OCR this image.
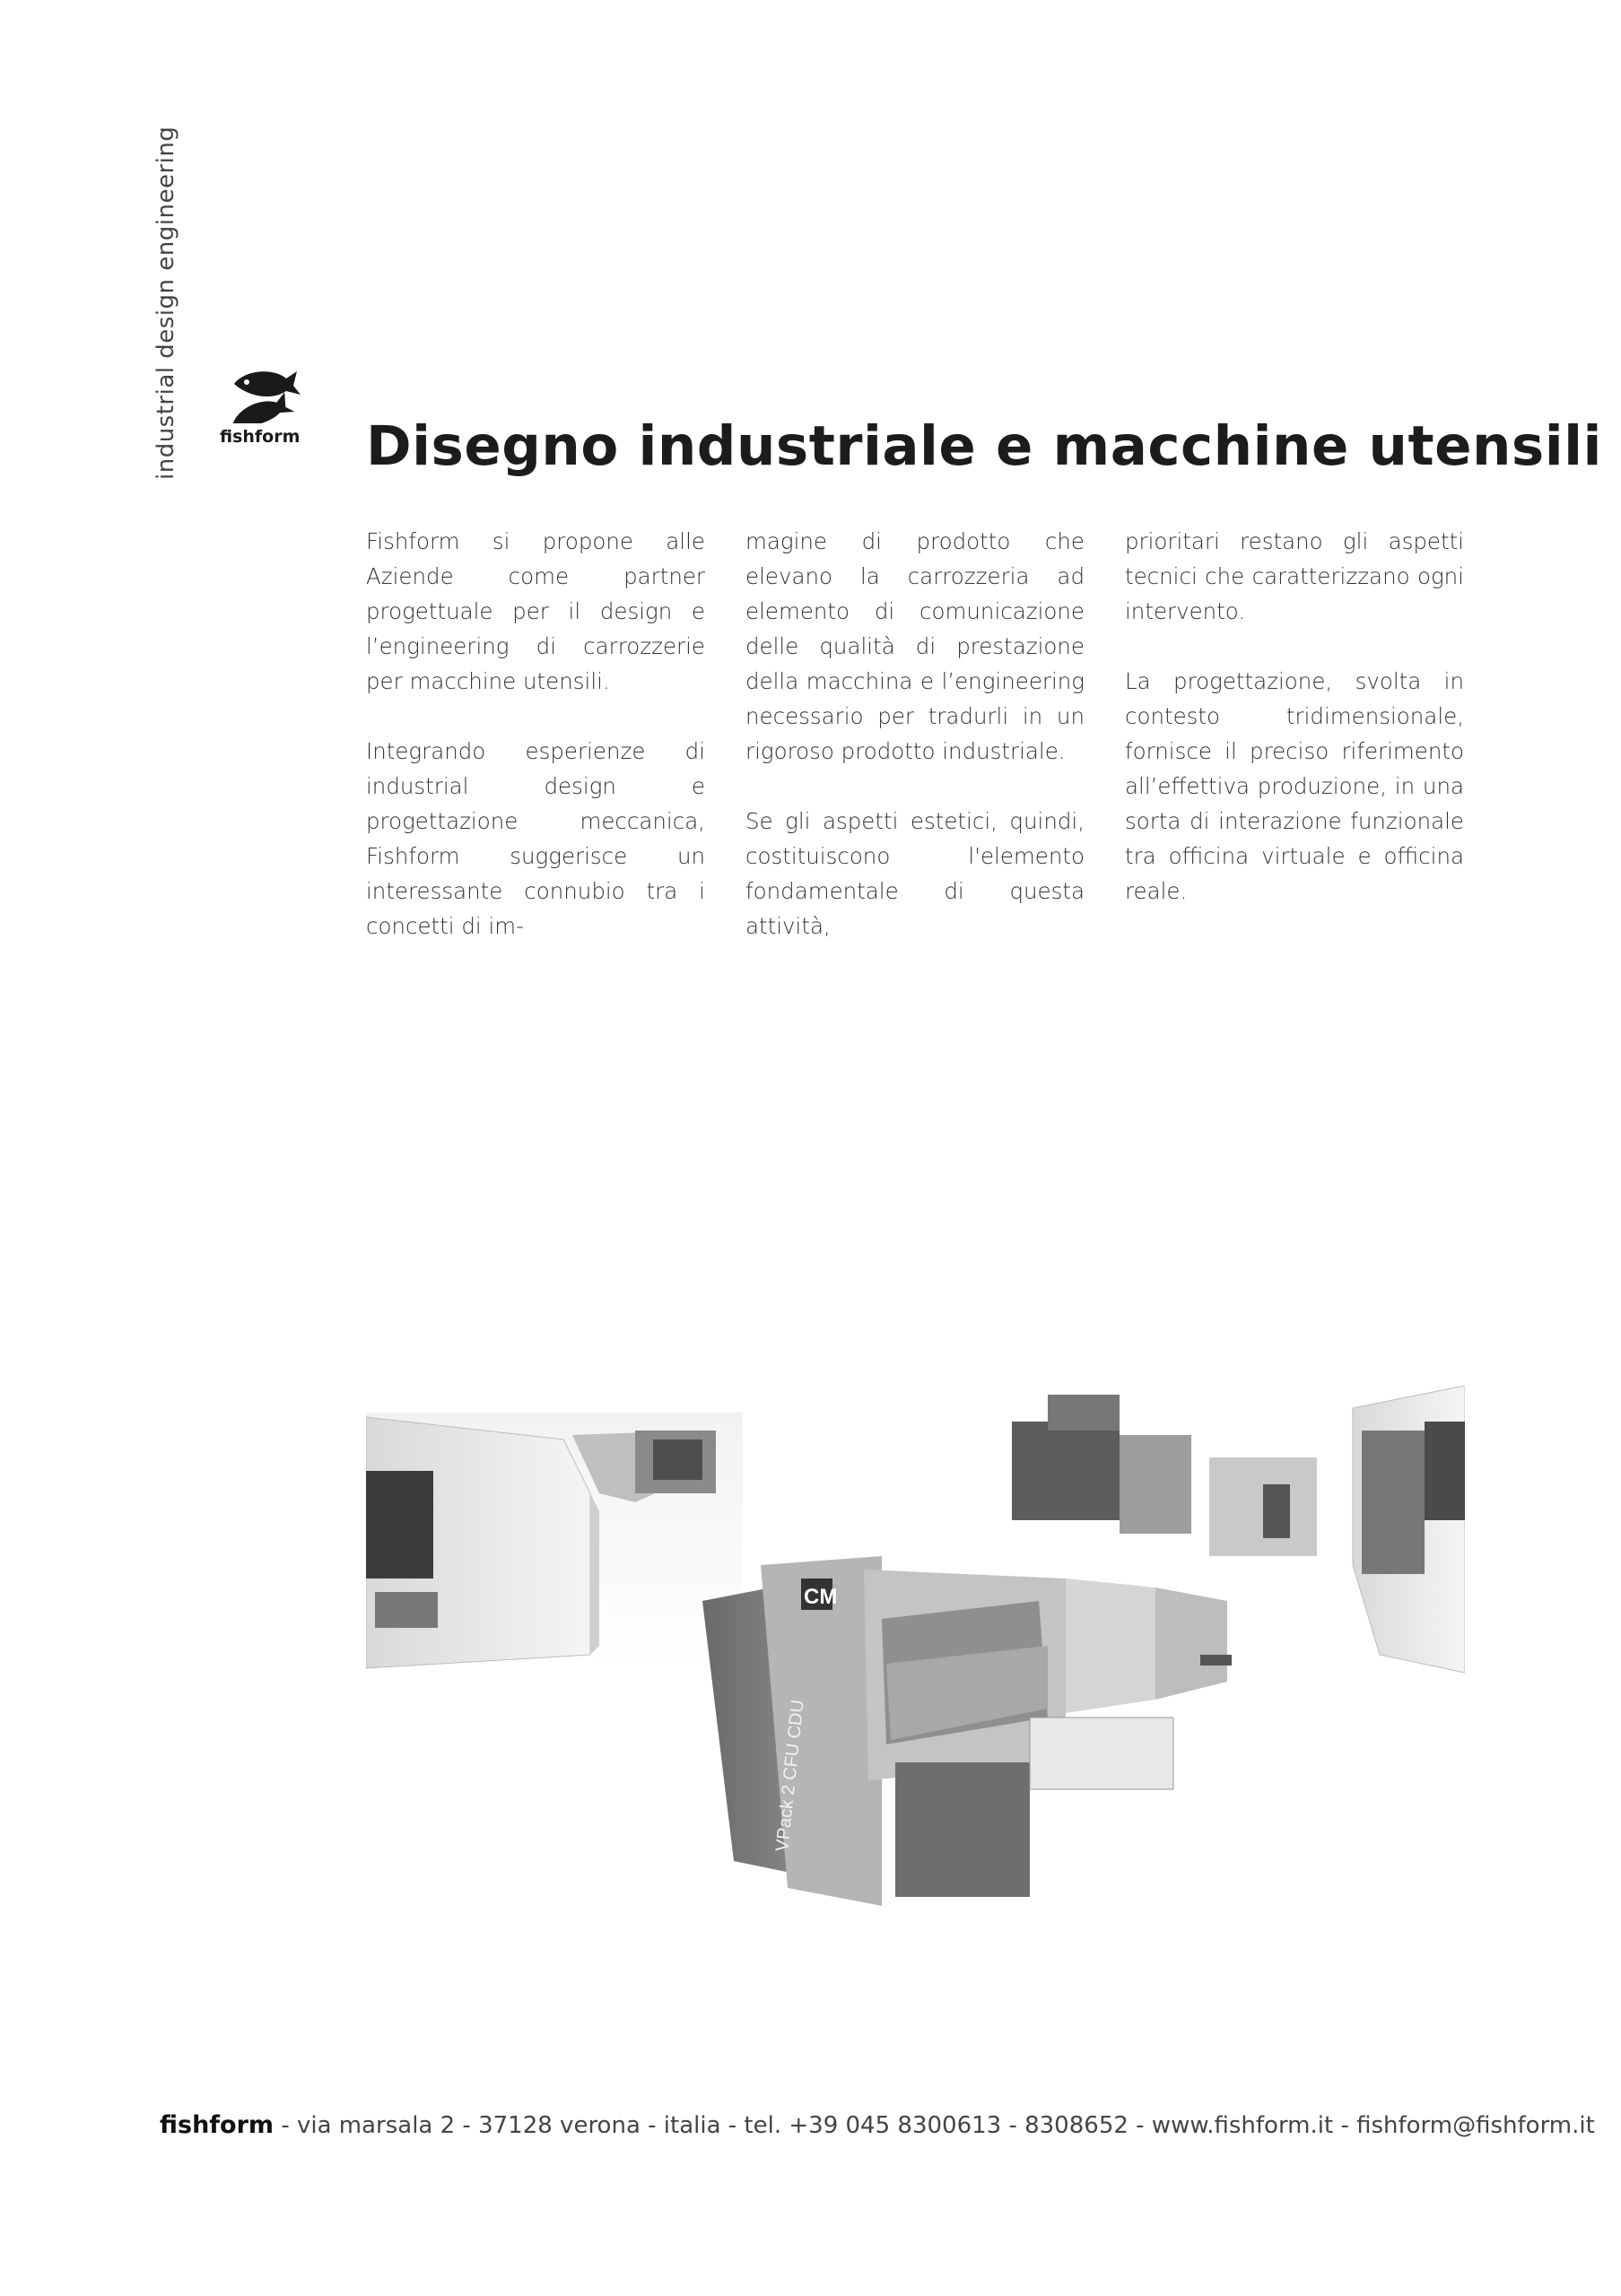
industrial design engineering fishform Disegno industriale e macchine utensili

Fishform si propone alle Aziende come partner progettuale per il design e l’engineering di carrozzerie per macchine utensili.

Integrando esperienze di industrial design e progettazione meccanica, Fishform suggerisce un interessante connubio tra i concetti di im-

magine di prodotto che elevano la carrozzeria ad elemento di comunicazione delle qualità di prestazione della macchina e l’engineering necessario per tradurli in un rigoroso prodotto industriale.

Se gli aspetti estetici, quindi, costituiscono l'elemento fondamentale di questa attività,

prioritari restano gli aspetti tecnici che caratterizzano ogni intervento.

La progettazione, svolta in contesto tridimensionale, fornisce il preciso riferimento all’effettiva produzione, in una sorta di interazione funzionale tra officina virtuale e officina reale.

VPack 2 CFU CDU
CM
fishform - via marsala 2 - 37128 verona - italia - tel. +39 045 8300613 - 8308652 - www.fishform.it - fishform@fishform.it
